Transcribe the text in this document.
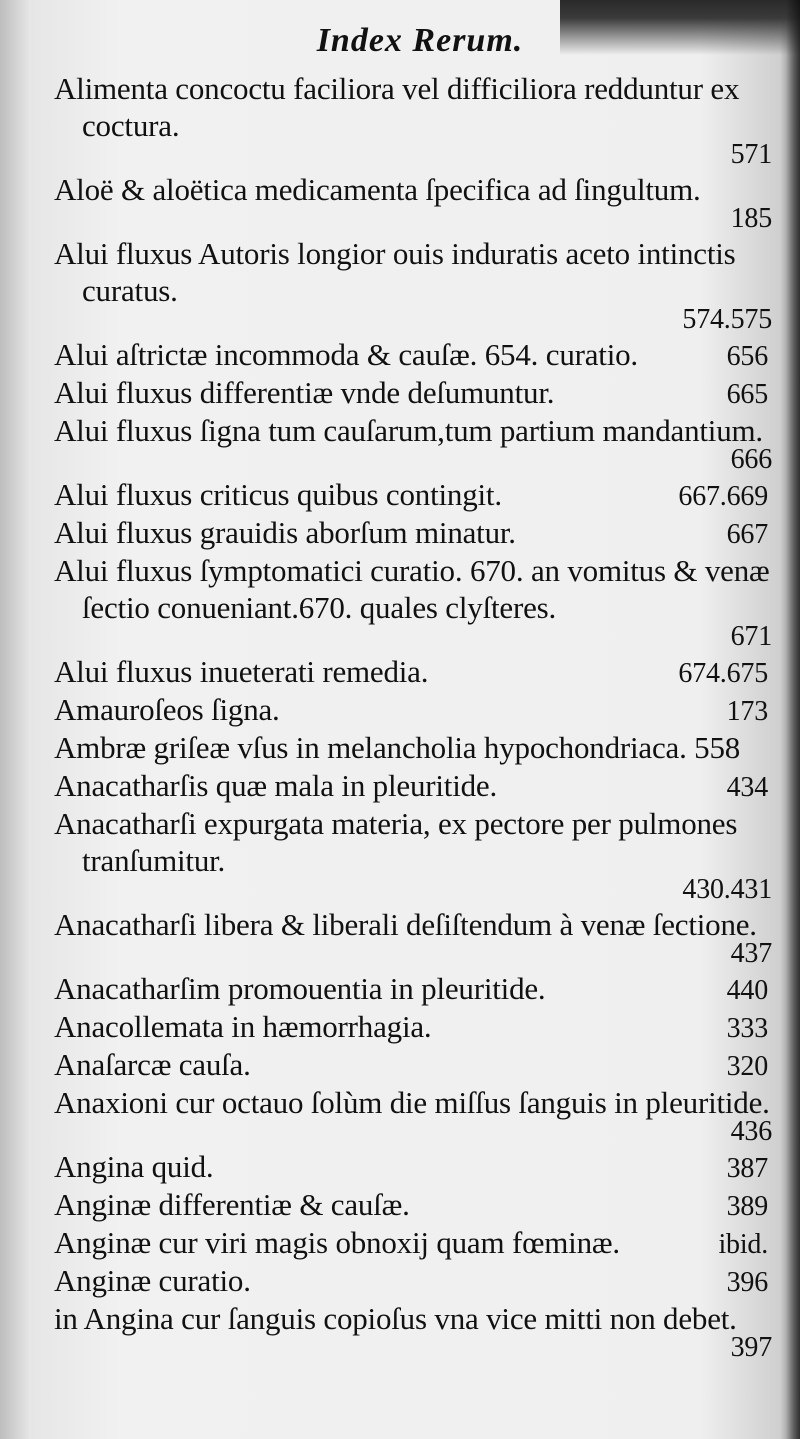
Index Rerum.
Alimenta concoctu faciliora vel difficiliora redduntur ex coctura.
571
Aloë & aloëtica medicamenta ſpecifica ad ſingultum.
185
Alui fluxus Autoris longior ouis induratis aceto intinctis curatus.
574.575
Alui aſtrictæ incommoda & cauſæ. 654. curatio.	656
Alui fluxus differentiæ vnde deſumuntur.	665
Alui fluxus ſigna tum cauſarum,tum partium mandantium.
666
Alui fluxus criticus quibus contingit.	667.669
Alui fluxus grauidis aborſum minatur.	667
Alui fluxus ſymptomatici curatio. 670. an vomitus & venæ ſectio conueniant.670. quales clyſteres.
671
Alui fluxus inueterati remedia.	674.675
Amauroſeos ſigna.	173
Ambræ griſeæ vſus in melancholia hypochondriaca. 558
Anacatharſis quæ mala in pleuritide.	434
Anacatharſi expurgata materia, ex pectore per pulmones tranſumitur.
430.431
Anacatharſi libera & liberali deſiſtendum à venæ ſectione.
437
Anacatharſim promouentia in pleuritide.	440
Anacollemata in hæmorrhagia.	333
Anaſarcæ cauſa.	320
Anaxioni cur octauo ſolùm die miſſus ſanguis in pleuritide.
436
Angina quid.	387
Anginæ differentiæ & cauſæ.	389
Anginæ cur viri magis obnoxij quam fœminæ.	ibid.
Anginæ curatio.	396
in Angina cur ſanguis copioſus vna vice mitti non debet.
397
